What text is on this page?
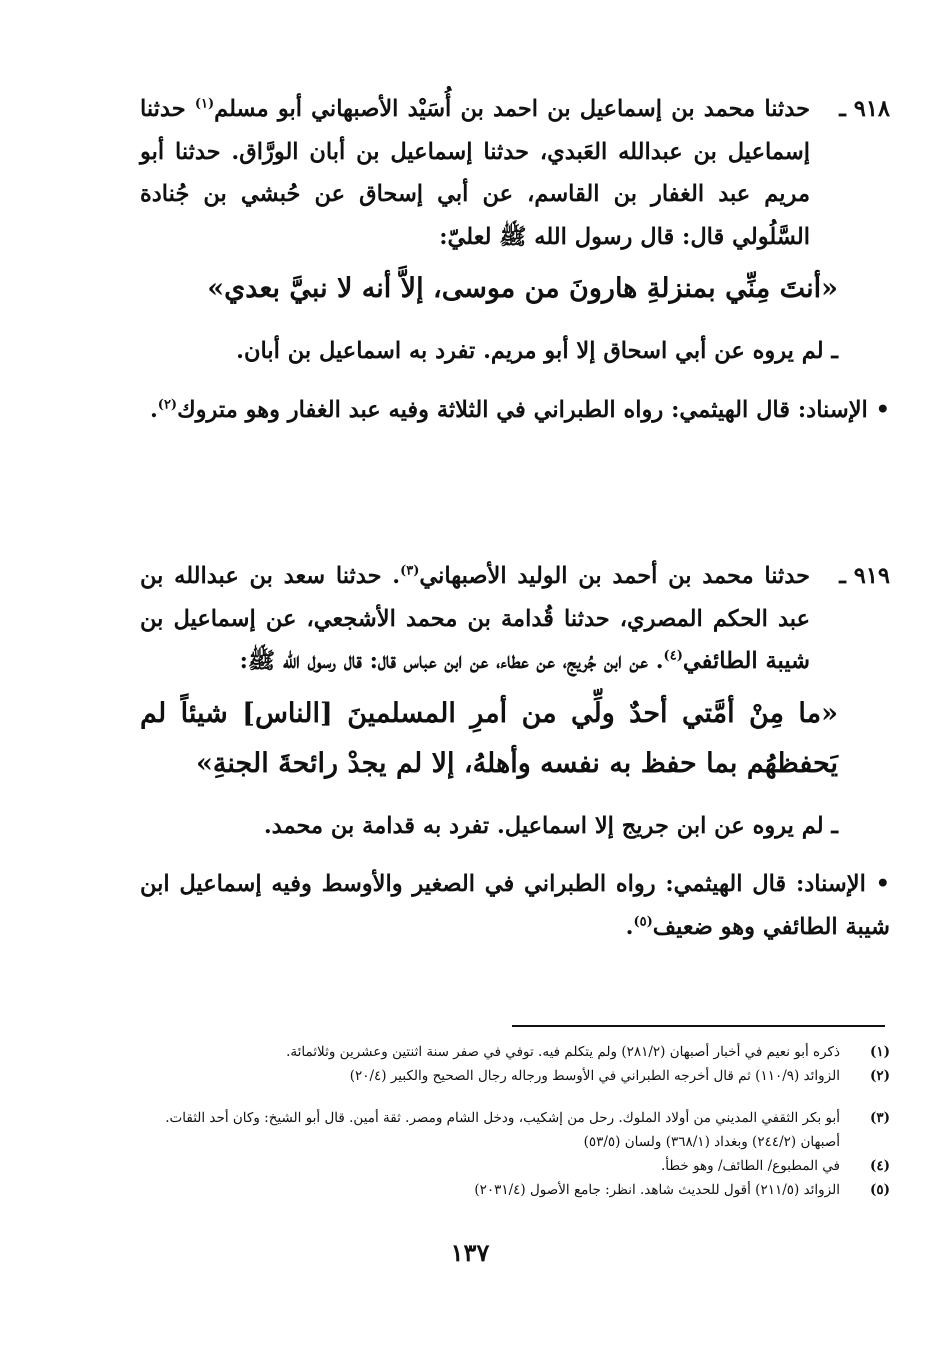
٩١٨ ـ

حدثنا محمد بن إسماعيل بن احمد بن أُسَيْد الأصبهاني أبو مسلم$^{(١)}$ حدثنا إسماعيل بن عبدالله العَبدي، حدثنا إسماعيل بن أبان الورَّاق. حدثنا أبو مريم عبد الغفار بن القاسم، عن أبي إسحاق عن حُبشي بن جُنادة السَّلُولي قال: قال رسول الله ﷺ لعليّ:

«أنتَ مِنِّي بمنزلةِ هارونَ من موسى، إلاَّ أنه لا نبيَّ بعدي»

ـ لم يروه عن أبي اسحاق إلا أبو مريم. تفرد به اسماعيل بن أبان.

• الإسناد: قال الهيثمي: رواه الطبراني في الثلاثة وفيه عبد الغفار وهو متروك$^{(٢)}$.

٩١٩ ـ

حدثنا محمد بن أحمد بن الوليد الأصبهاني$^{(٣)}$. حدثنا سعد بن عبدالله بن عبد الحكم المصري، حدثنا قُدامة بن محمد الأشجعي، عن إسماعيل بن شيبة الطائفي$^{(٤)}$. عن ابن جُريج، عن عطاء، عن ابن عباس قال: قال رسول الله ﷺ:

«ما مِنْ أمَّتي أحدٌ ولِّي من أمرِ المسلمينَ [الناس] شيئاً لم يَحفظهُم بما حفظ به نفسه وأهلهُ، إلا لم يجدْ رائحةَ الجنةِ»

ـ لم يروه عن ابن جريج إلا اسماعيل. تفرد به قدامة بن محمد.

• الإسناد: قال الهيثمي: رواه الطبراني في الصغير والأوسط وفيه إسماعيل ابن شيبة الطائفي وهو ضعيف$^{(٥)}$.

(١)
ذكره أبو نعيم في أخبار أصبهان (٢٨١/٢) ولم يتكلم فيه. توفي في صفر سنة اثنتين وعشرين وثلاثمائة.
(٢)
الزوائد (١١٠/٩) ثم قال أخرجه الطبراني في الأوسط ورجاله رجال الصحيح والكبير (٢٠/٤)
(٣)
أبو بكر الثقفي المديني من أولاد الملوك. رحل من إشكيب، ودخل الشام ومصر. ثقة أمين. قال أبو الشيخ: وكان أحد الثقات. أصبهان (٢٤٤/٢) وبغداد (٣٦٨/١) ولسان (٥٣/٥)
(٤)
في المطبوع/ الطائف/ وهو خطأ.
(٥)
الزوائد (٢١١/٥) أقول للحديث شاهد. انظر: جامع الأصول (٢٠٣١/٤)
١٣٧
